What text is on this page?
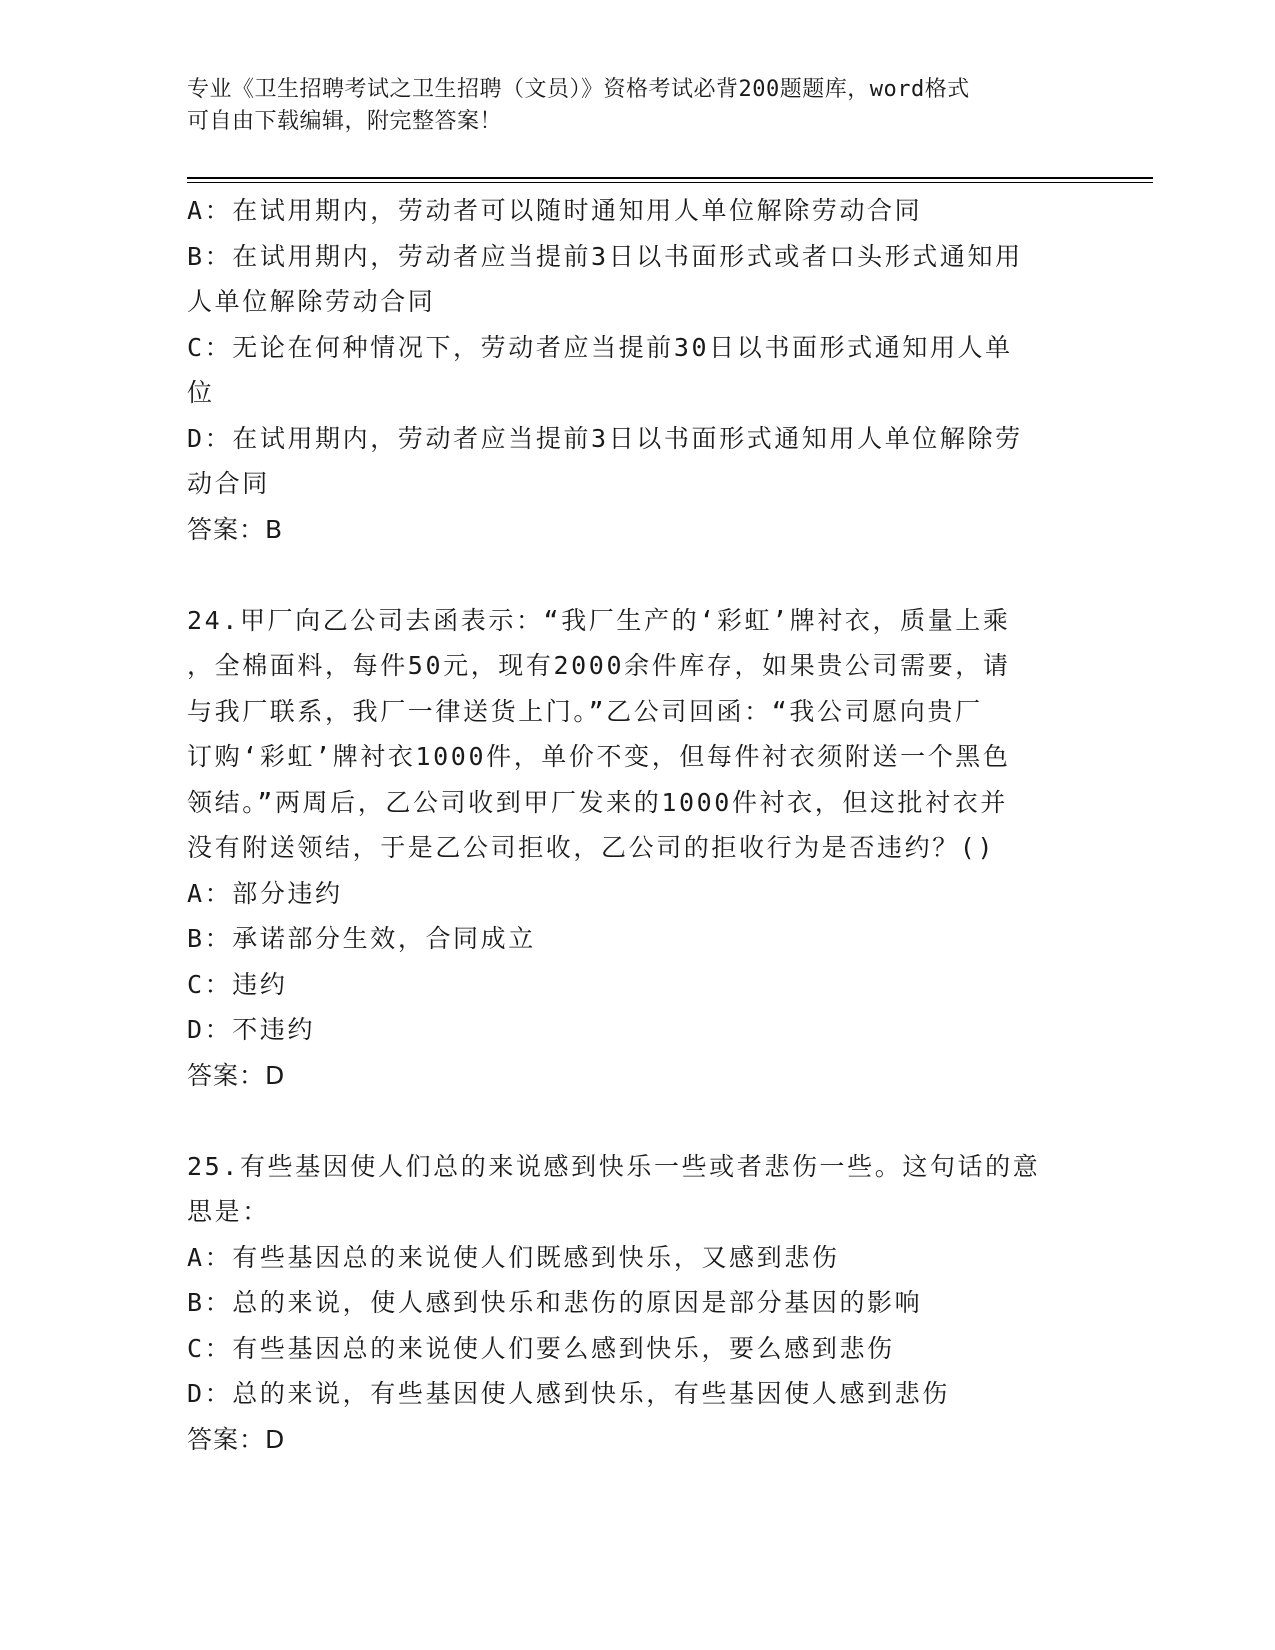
专业《卫生招聘考试之卫生招聘（文员）》资格考试必背200题题库，word格式
可自由下载编辑，附完整答案！
A：在试用期内，劳动者可以随时通知用人单位解除劳动合同
B：在试用期内，劳动者应当提前3日以书面形式或者口头形式通知用
人单位解除劳动合同
C：无论在何种情况下，劳动者应当提前30日以书面形式通知用人单
位
D：在试用期内，劳动者应当提前3日以书面形式通知用人单位解除劳
动合同
答案：B
24.甲厂向乙公司去函表示：“我厂生产的‘彩虹’牌衬衣，质量上乘
，全棉面料，每件50元，现有2000余件库存，如果贵公司需要，请
与我厂联系，我厂一律送货上门。”乙公司回函：“我公司愿向贵厂
订购‘彩虹’牌衬衣1000件，单价不变，但每件衬衣须附送一个黑色
领结。”两周后，乙公司收到甲厂发来的1000件衬衣，但这批衬衣并
没有附送领结，于是乙公司拒收，乙公司的拒收行为是否违约？()
A：部分违约
B：承诺部分生效，合同成立
C：违约
D：不违约
答案：D
25.有些基因使人们总的来说感到快乐一些或者悲伤一些。这句话的意
思是：
A：有些基因总的来说使人们既感到快乐，又感到悲伤
B：总的来说，使人感到快乐和悲伤的原因是部分基因的影响
C：有些基因总的来说使人们要么感到快乐，要么感到悲伤
D：总的来说，有些基因使人感到快乐，有些基因使人感到悲伤
答案：D
